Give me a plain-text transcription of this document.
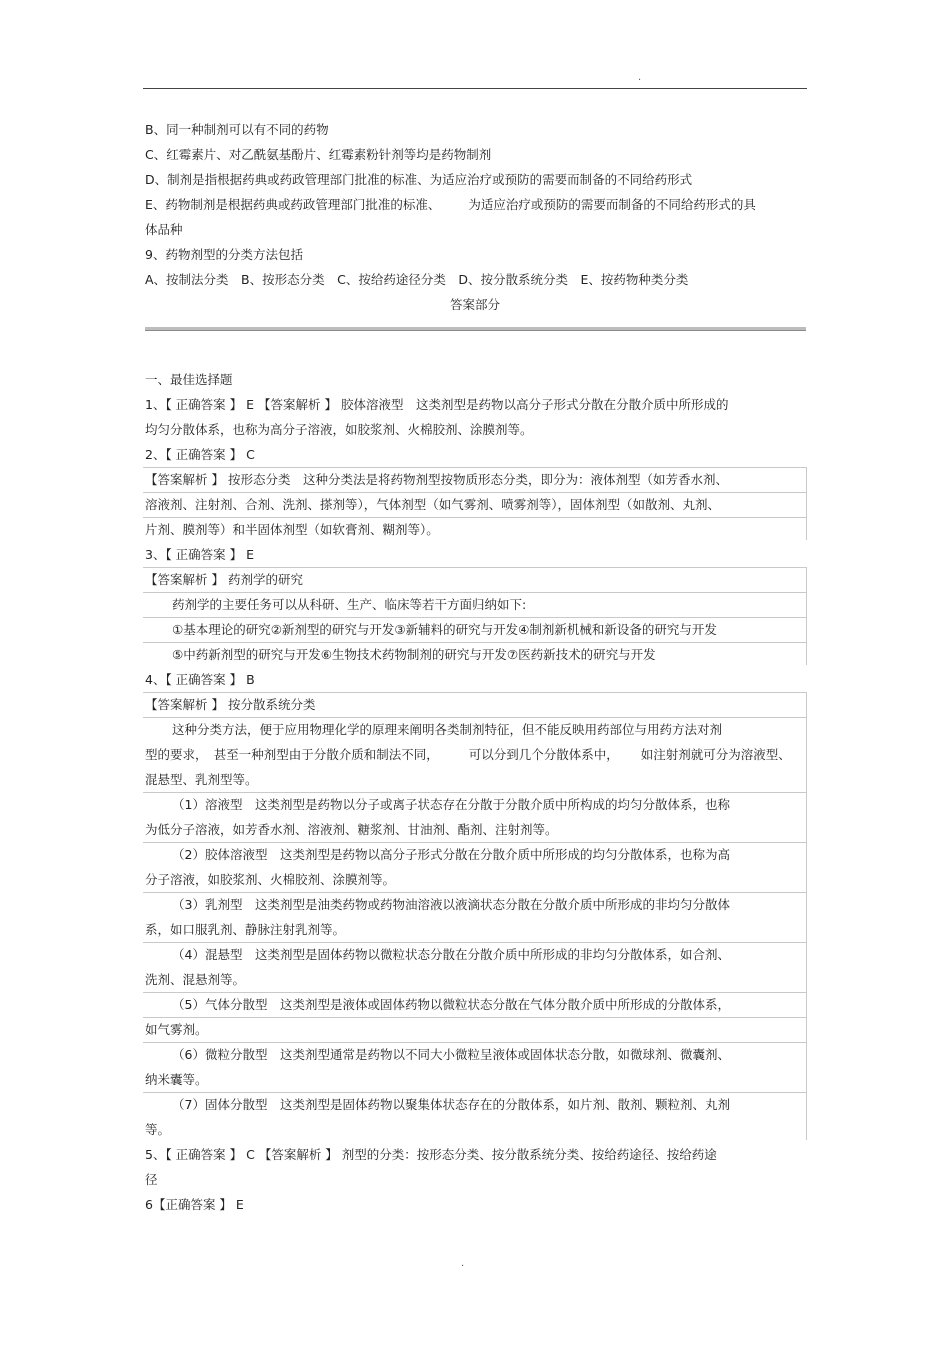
.
B、同一种制剂可以有不同的药物
C、红霉素片、对乙酰氨基酚片、红霉素粉针剂等均是药物制剂
D、制剂是指根据药典或药政管理部门批准的标准、为适应治疗或预防的需要而制备的不同给药形式
E、药物制剂是根据药典或药政管理部门批准的标准、 为适应治疗或预防的需要而制备的不同给药形式的具
体品种
9、药物剂型的分类方法包括
A、按制法分类　B、按形态分类　C、按给药途径分类　D、按分散系统分类　E、按药物种类分类
答案部分
一、最佳选择题
1、【 正确答案 】 E 【答案解析 】 胶体溶液型　这类剂型是药物以高分子形式分散在分散介质中所形成的
均匀分散体系，也称为高分子溶液，如胶浆剂、火棉胶剂、涂膜剂等。
2、【 正确答案 】 C
【答案解析 】 按形态分类　这种分类法是将药物剂型按物质形态分类，即分为：液体剂型（如芳香水剂、
溶液剂、注射剂、合剂、洗剂、搽剂等），气体剂型（如气雾剂、喷雾剂等），固体剂型（如散剂、丸剂、
片剂、膜剂等）和半固体剂型（如软膏剂、糊剂等）。
3、【 正确答案 】 E
【答案解析 】 药剂学的研究
药剂学的主要任务可以从科研、生产、临床等若干方面归纳如下:
①基本理论的研究②新剂型的研究与开发③新辅料的研究与开发④制剂新机械和新设备的研究与开发
⑤中药新剂型的研究与开发⑥生物技术药物制剂的研究与开发⑦医药新技术的研究与开发
4、【 正确答案 】 B
【答案解析 】 按分散系统分类
这种分类方法，便于应用物理化学的原理来阐明各类制剂特征，但不能反映用药部位与用药方法对剂
型的要求，　甚至一种剂型由于分散介质和制法不同， 可以分到几个分散体系中， 如注射剂就可分为溶液型、
混悬型、乳剂型等。
（1）溶液型　这类剂型是药物以分子或离子状态存在分散于分散介质中所构成的均匀分散体系，也称
为低分子溶液，如芳香水剂、溶液剂、糖浆剂、甘油剂、酯剂、注射剂等。
（2）胶体溶液型　这类剂型是药物以高分子形式分散在分散介质中所形成的均匀分散体系，也称为高
分子溶液，如胶浆剂、火棉胶剂、涂膜剂等。
（3）乳剂型　这类剂型是油类药物或药物油溶液以液滴状态分散在分散介质中所形成的非均匀分散体
系，如口服乳剂、静脉注射乳剂等。
（4）混悬型　这类剂型是固体药物以微粒状态分散在分散介质中所形成的非均匀分散体系，如合剂、
洗剂、混悬剂等。
（5）气体分散型　这类剂型是液体或固体药物以微粒状态分散在气体分散介质中所形成的分散体系，
如气雾剂。
（6）微粒分散型　这类剂型通常是药物以不同大小微粒呈液体或固体状态分散，如微球剂、微囊剂、
纳米囊等。
（7）固体分散型　这类剂型是固体药物以聚集体状态存在的分散体系，如片剂、散剂、颗粒剂、丸剂
等。
5、【 正确答案 】 C 【答案解析 】 剂型的分类：按形态分类、按分散系统分类、按给药途径、按给药途
径
6【正确答案 】 E
.
